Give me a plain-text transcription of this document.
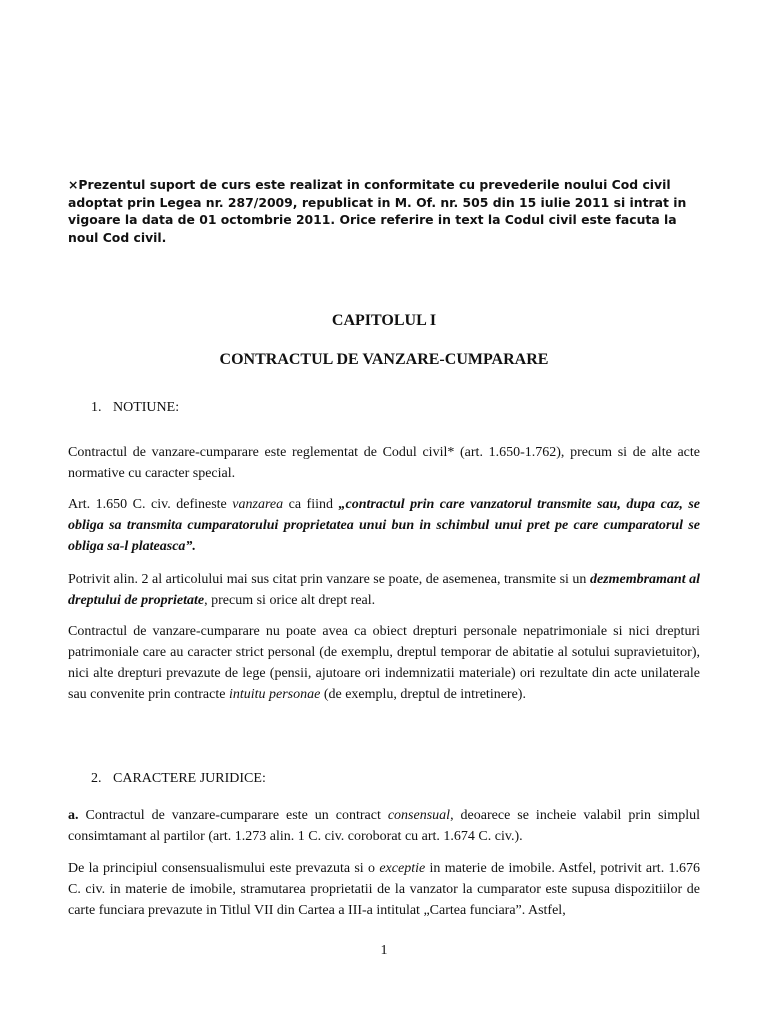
×Prezentul suport de curs este realizat in conformitate cu prevederile noului Cod civil adoptat prin Legea nr. 287/2009, republicat in M. Of. nr. 505 din 15 iulie 2011 si intrat in vigoare la data de 01 octombrie 2011. Orice referire in text la Codul civil este facuta la noul Cod civil.

CAPITOLUL I
CONTRACTUL DE VANZARE-CUMPARARE
1. NOTIUNE:

Contractul de vanzare-cumparare este reglementat de Codul civil* (art. 1.650-1.762), precum si de alte acte normative cu caracter special.

Art. 1.650 C. civ. defineste vanzarea ca fiind „contractul prin care vanzatorul transmite sau, dupa caz, se obliga sa transmita cumparatorului proprietatea unui bun in schimbul unui pret pe care cumparatorul se obliga sa-l plateasca”.

Potrivit alin. 2 al articolului mai sus citat prin vanzare se poate, de asemenea, transmite si un dezmembramant al dreptului de proprietate, precum si orice alt drept real.

Contractul de vanzare-cumparare nu poate avea ca obiect drepturi personale nepatrimoniale si nici drepturi patrimoniale care au caracter strict personal (de exemplu, dreptul temporar de abitatie al sotului supravietuitor), nici alte drepturi prevazute de lege (pensii, ajutoare ori indemnizatii materiale) ori rezultate din acte unilaterale sau convenite prin contracte intuitu personae (de exemplu, dreptul de intretinere).

2. CARACTERE JURIDICE:

a. Contractul de vanzare-cumparare este un contract consensual, deoarece se incheie valabil prin simplul consimtamant al partilor (art. 1.273 alin. 1 C. civ. coroborat cu art. 1.674 C. civ.).

De la principiul consensualismului este prevazuta si o exceptie in materie de imobile. Astfel, potrivit art. 1.676 C. civ. in materie de imobile, stramutarea proprietatii de la vanzator la cumparator este supusa dispozitiilor de carte funciara prevazute in Titlul VII din Cartea a III-a intitulat „Cartea funciara”. Astfel,

1
